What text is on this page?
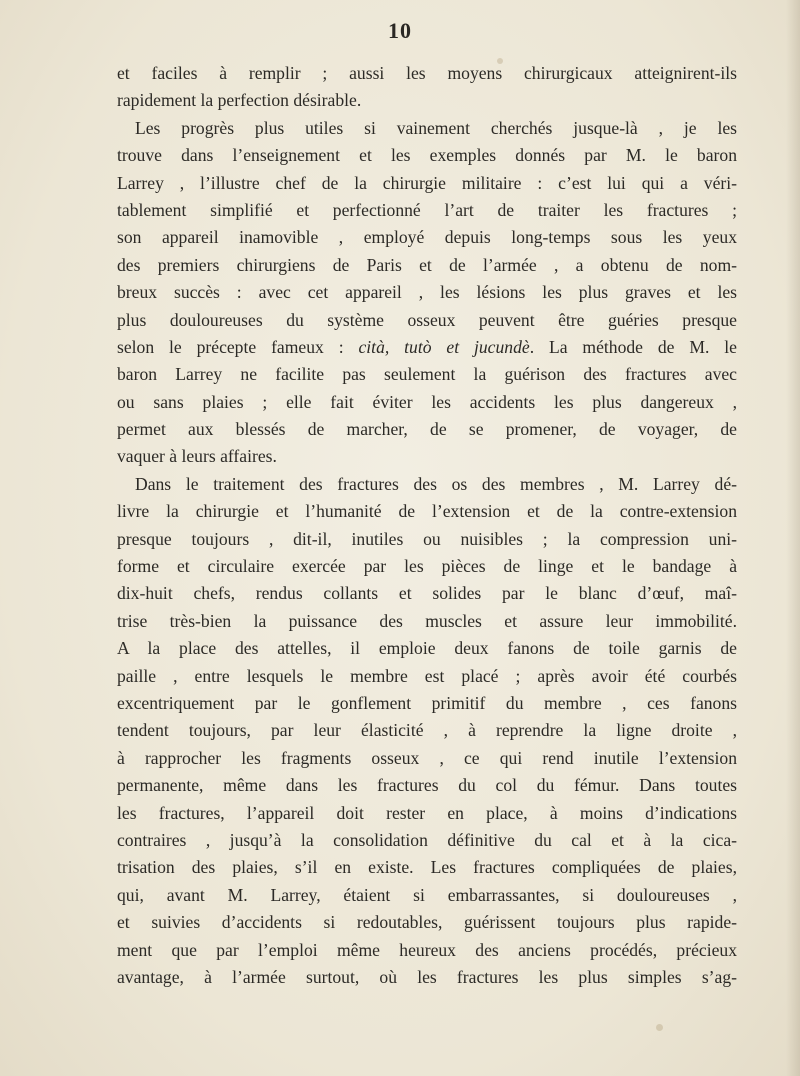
10
et faciles à remplir ; aussi les moyens chirurgicaux atteignirent-ils
rapidement la perfection désirable.
Les progrès plus utiles si vainement cherchés jusque-là , je les
trouve dans l’enseignement et les exemples donnés par M. le baron
Larrey , l’illustre chef de la chirurgie militaire : c’est lui qui a véri-
tablement simplifié et perfectionné l’art de traiter les fractures ;
son appareil inamovible , employé depuis long-temps sous les yeux
des premiers chirurgiens de Paris et de l’armée , a obtenu de nom-
breux succès : avec cet appareil , les lésions les plus graves et les
plus douloureuses du système osseux peuvent être guéries presque
selon le précepte fameux : cità, tutò et jucundè. La méthode de M. le
baron Larrey ne facilite pas seulement la guérison des fractures avec
ou sans plaies ; elle fait éviter les accidents les plus dangereux ,
permet aux blessés de marcher, de se promener, de voyager, de
vaquer à leurs affaires.
Dans le traitement des fractures des os des membres , M. Larrey dé-
livre la chirurgie et l’humanité de l’extension et de la contre-extension
presque toujours , dit-il, inutiles ou nuisibles ; la compression uni-
forme et circulaire exercée par les pièces de linge et le bandage à
dix-huit chefs, rendus collants et solides par le blanc d’œuf, maî-
trise très-bien la puissance des muscles et assure leur immobilité.
A la place des attelles, il emploie deux fanons de toile garnis de
paille , entre lesquels le membre est placé ; après avoir été courbés
excentriquement par le gonflement primitif du membre , ces fanons
tendent toujours, par leur élasticité , à reprendre la ligne droite ,
à rapprocher les fragments osseux , ce qui rend inutile l’extension
permanente, même dans les fractures du col du fémur. Dans toutes
les fractures, l’appareil doit rester en place, à moins d’indications
contraires , jusqu’à la consolidation définitive du cal et à la cica-
trisation des plaies, s’il en existe. Les fractures compliquées de plaies,
qui, avant M. Larrey, étaient si embarrassantes, si douloureuses ,
et suivies d’accidents si redoutables, guérissent toujours plus rapide-
ment que par l’emploi même heureux des anciens procédés, précieux
avantage, à l’armée surtout, où les fractures les plus simples s’ag-
